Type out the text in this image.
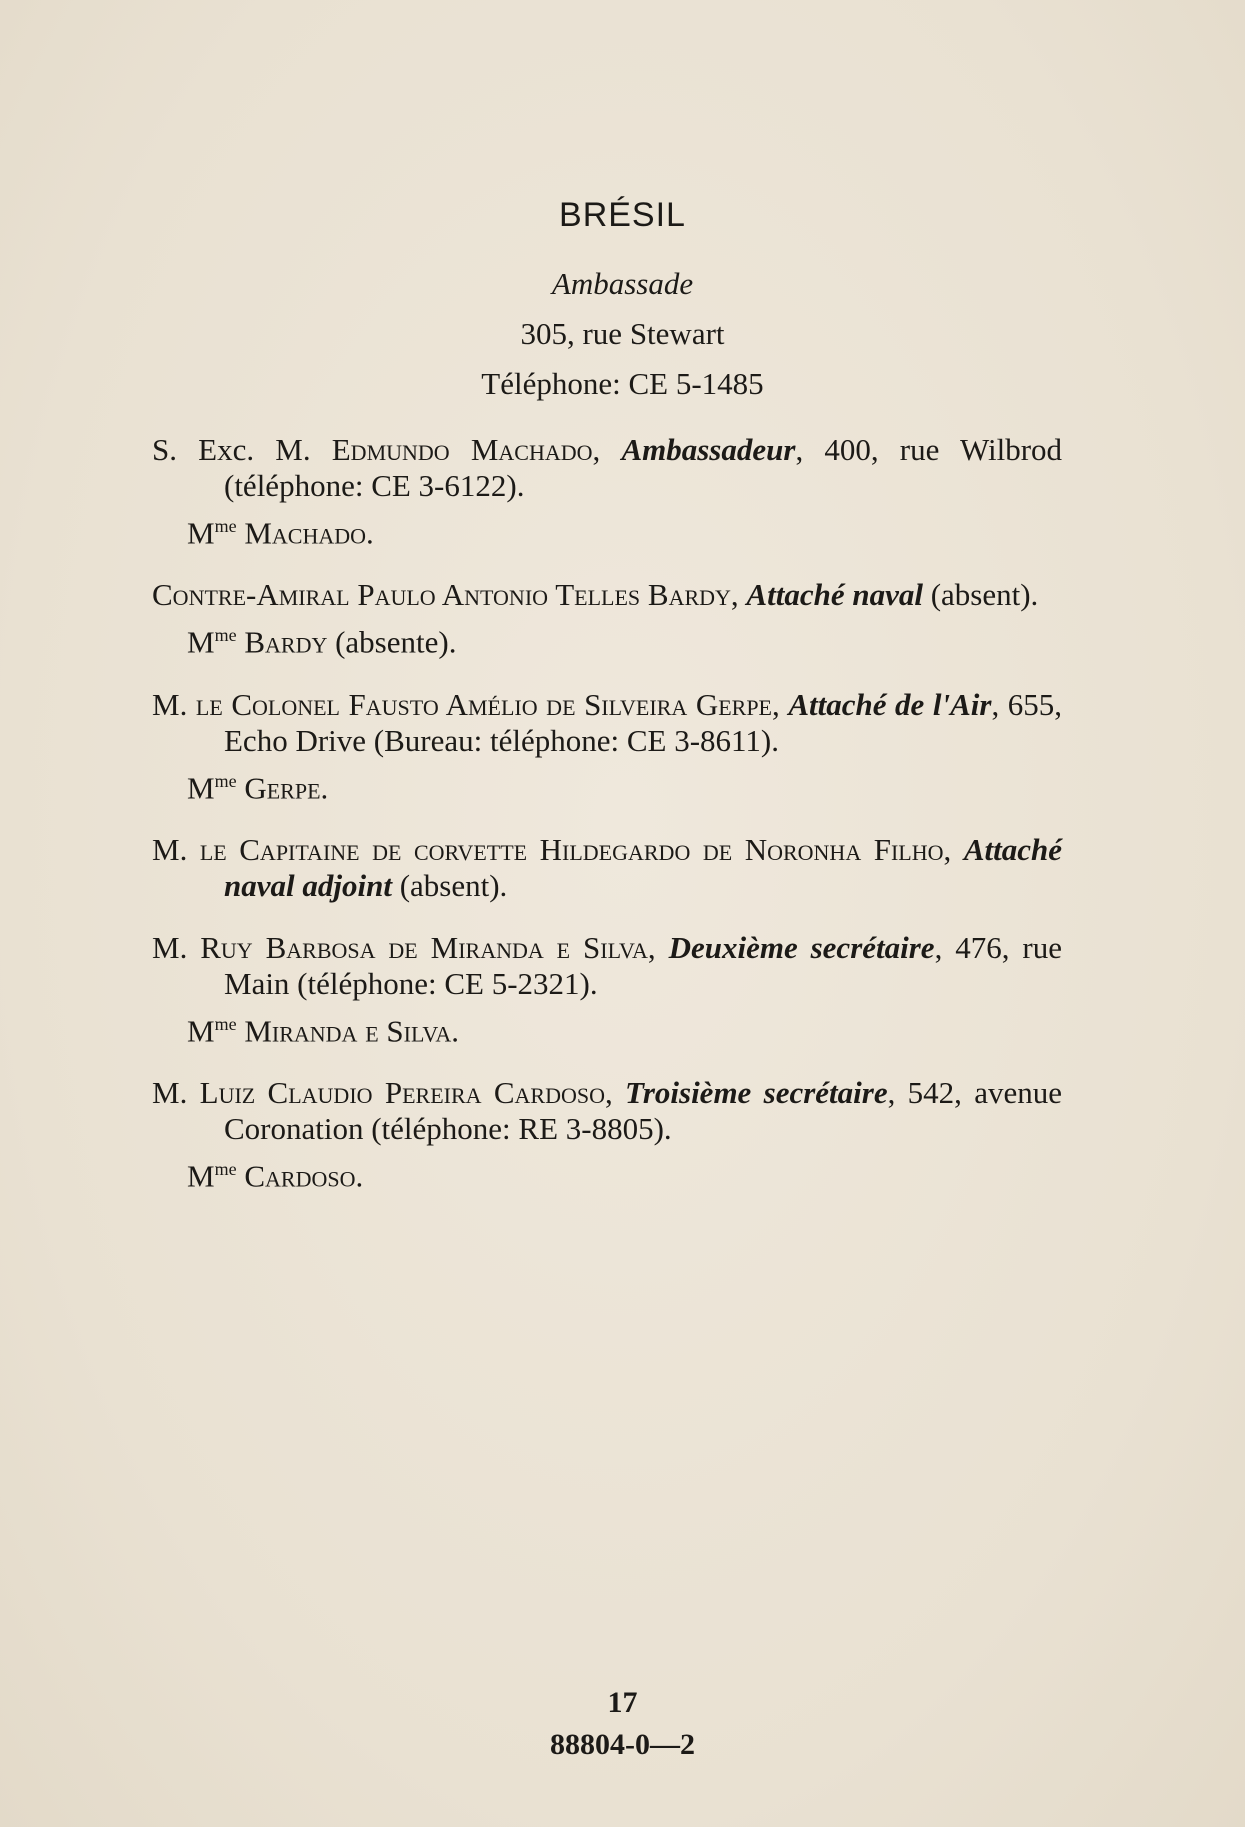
BRÉSIL
Ambassade
305, rue Stewart
Téléphone: CE 5-1485
S. Exc. M. Edmundo Machado, Ambassadeur, 400, rue Wilbrod (téléphone: CE 3-6122).
$M^{me}$ Machado.
Contre-Amiral Paulo Antonio Telles Bardy, Attaché naval (absent).
$M^{me}$ Bardy (absente).
M. le Colonel Fausto Amélio de Silveira Gerpe, Attaché de l'Air, 655, Echo Drive (Bureau: téléphone: CE 3-8611).
$M^{me}$ Gerpe.
M. le Capitaine de corvette Hildegardo de Noronha Filho, Attaché naval adjoint (absent).
M. Ruy Barbosa de Miranda e Silva, Deuxième secrétaire, 476, rue Main (téléphone: CE 5-2321).
$M^{me}$ Miranda e Silva.
M. Luiz Claudio Pereira Cardoso, Troisième secrétaire, 542, avenue Coronation (téléphone: RE 3-8805).
$M^{me}$ Cardoso.
17
88804-0—2
